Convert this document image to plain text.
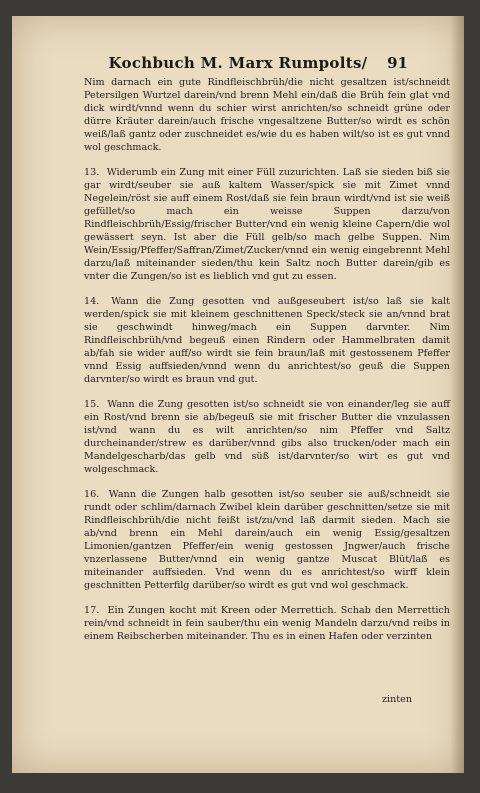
Kochbuch M. Marx Rumpolts/ 91

Nim darnach ein gute Rindfleischbrüh/die nicht gesaltzen ist/schneidt Petersilgen Wurtzel darein/vnd brenn Mehl ein/daß die Brüh fein glat vnd dick wirdt/vnnd wenn du schier wirst anrichten/so schneidt grüne oder dürre Kräuter darein/auch frische vngesaltzene Butter/so wirdt es schön weiß/laß gantz oder zuschneidet es/wie du es haben wilt/so ist es gut vnnd wol geschmack.

13. Widerumb ein Zung mit einer Füll zuzurichten. Laß sie sieden biß sie gar wirdt/seuber sie auß kaltem Wasser/spick sie mit Zimet vnnd Negelein/röst sie auff einem Rost/daß sie fein braun wirdt/vnd ist sie weiß gefüllet/so mach ein weisse Suppen darzu/von Rindfleischbrüh/Essig/frischer Butter/vnd ein wenig kleine Capern/die wol gewässert seyn. Ist aber die Füll gelb/so mach gelbe Suppen. Nim Wein/Essig/Pfeffer/Saffran/Zimet/Zucker/vnnd ein wenig eingebrennt Mehl darzu/laß miteinander sieden/thu kein Saltz noch Butter darein/gib es vnter die Zungen/so ist es lieblich vnd gut zu essen.

14. Wann die Zung gesotten vnd außgeseubert ist/so laß sie kalt werden/spick sie mit kleinem geschnittenen Speck/steck sie an/vnnd brat sie geschwindt hinweg/mach ein Suppen darvnter. Nim Rindfleischbrüh/vnd begeuß einen Rindern oder Hammelbraten damit ab/fah sie wider auff/so wirdt sie fein braun/laß mit gestossenem Pfeffer vnnd Essig auffsieden/vnnd wenn du anrichtest/so geuß die Suppen darvnter/so wirdt es braun vnd gut.

15. Wann die Zung gesotten ist/so schneidt sie von einander/leg sie auff ein Rost/vnd brenn sie ab/begeuß sie mit frischer Butter die vnzulassen ist/vnd wann du es wilt anrichten/so nim Pfeffer vnd Saltz durcheinander/strew es darüber/vnnd gibs also trucken/oder mach ein Mandelgescharb/das gelb vnd süß ist/darvnter/so wirt es gut vnd wolgeschmack.

16. Wann die Zungen halb gesotten ist/so seuber sie auß/schneidt sie rundt oder schlim/darnach Zwibel klein darüber geschnitten/setze sie mit Rindfleischbrüh/die nicht feißt ist/zu/vnd laß darmit sieden. Mach sie ab/vnd brenn ein Mehl darein/auch ein wenig Essig/gesaltzen Limonien/gantzen Pfeffer/ein wenig gestossen Jngwer/auch frische vnzerlassene Butter/vnnd ein wenig gantze Muscat Blüt/laß es miteinander auffsieden. Vnd wenn du es anrichtest/so wirff klein geschnitten Petterfilg darüber/so wirdt es gut vnd wol geschmack.

17. Ein Zungen kocht mit Kreen oder Merrettich. Schab den Merrettich rein/vnd schneidt in fein sauber/thu ein wenig Mandeln darzu/vnd reibs in einem Reibscherben miteinander. Thu es in einen Hafen oder verzinten

zinten
